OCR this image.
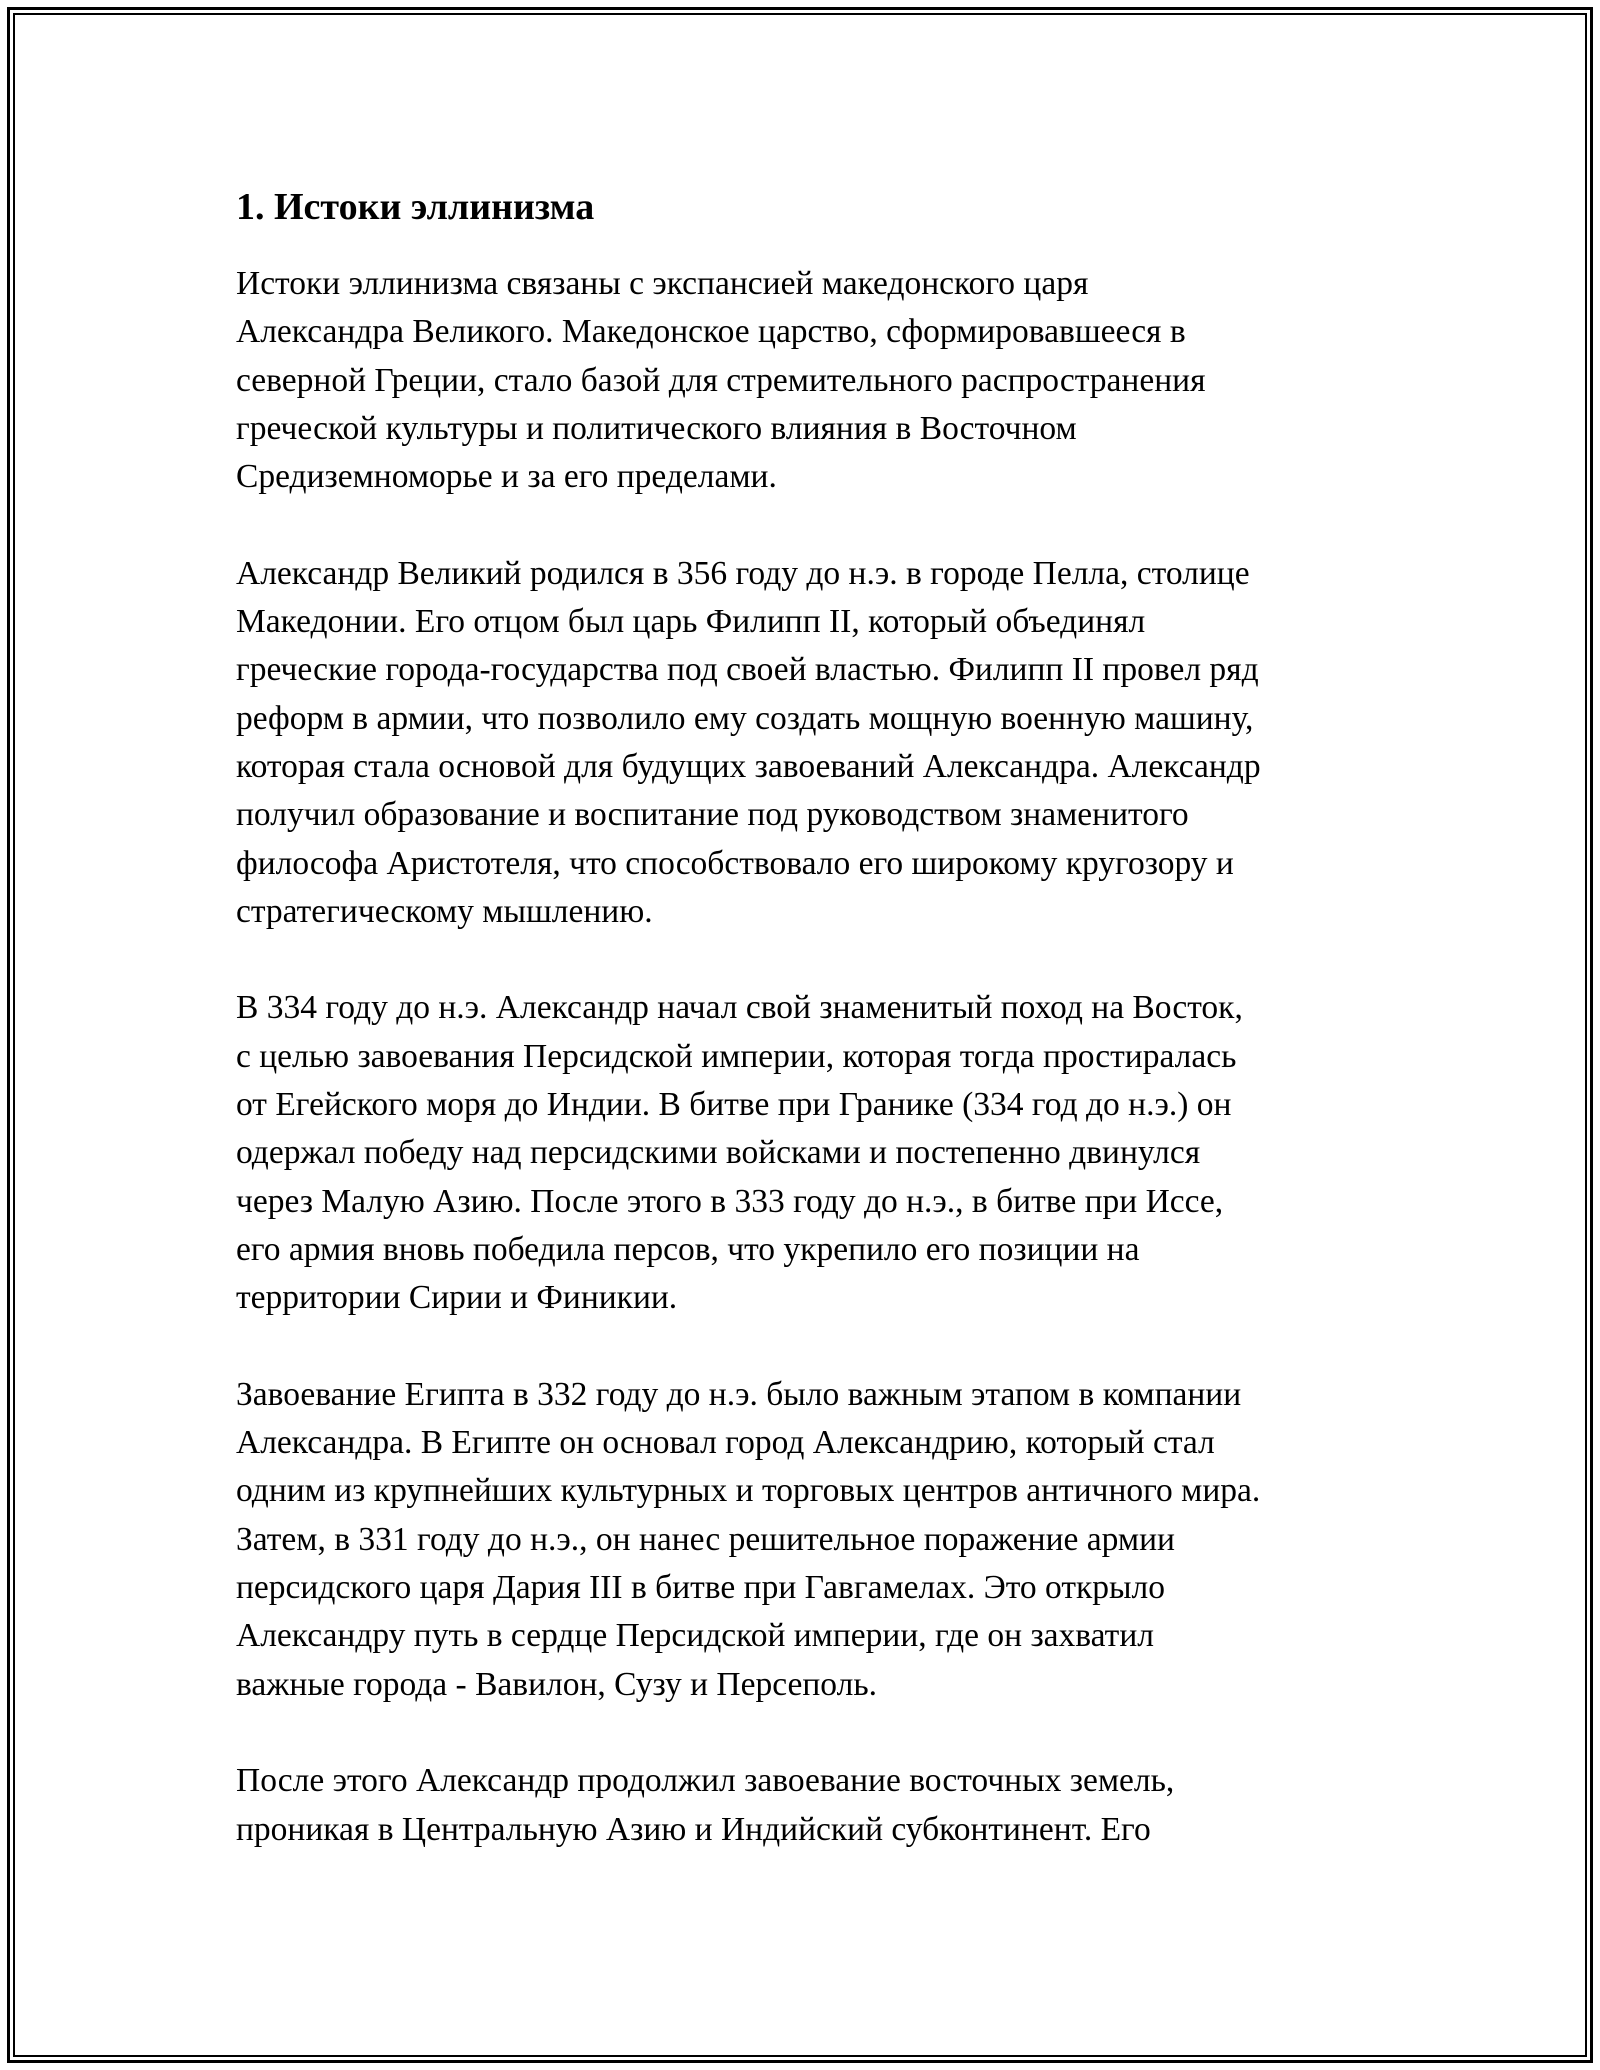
1. Истоки эллинизма

Истоки эллинизма связаны с экспансией македонского царя
Александра Великого. Македонское царство, сформировавшееся в
северной Греции, стало базой для стремительного распространения
греческой культуры и политического влияния в Восточном
Средиземноморье и за его пределами.

Александр Великий родился в 356 году до н.э. в городе Пелла, столице
Македонии. Его отцом был царь Филипп II, который объединял
греческие города-государства под своей властью. Филипп II провел ряд
реформ в армии, что позволило ему создать мощную военную машину,
которая стала основой для будущих завоеваний Александра. Александр
получил образование и воспитание под руководством знаменитого
философа Аристотеля, что способствовало его широкому кругозору и
стратегическому мышлению.

В 334 году до н.э. Александр начал свой знаменитый поход на Восток,
с целью завоевания Персидской империи, которая тогда простиралась
от Егейского моря до Индии. В битве при Гранике (334 год до н.э.) он
одержал победу над персидскими войсками и постепенно двинулся
через Малую Азию. После этого в 333 году до н.э., в битве при Иссе,
его армия вновь победила персов, что укрепило его позиции на
территории Сирии и Финикии.

Завоевание Египта в 332 году до н.э. было важным этапом в компании
Александра. В Египте он основал город Александрию, который стал
одним из крупнейших культурных и торговых центров античного мира.
Затем, в 331 году до н.э., он нанес решительное поражение армии
персидского царя Дария III в битве при Гавгамелах. Это открыло
Александру путь в сердце Персидской империи, где он захватил
важные города - Вавилон, Сузу и Персеполь.

После этого Александр продолжил завоевание восточных земель,
проникая в Центральную Азию и Индийский субконтинент. Его
